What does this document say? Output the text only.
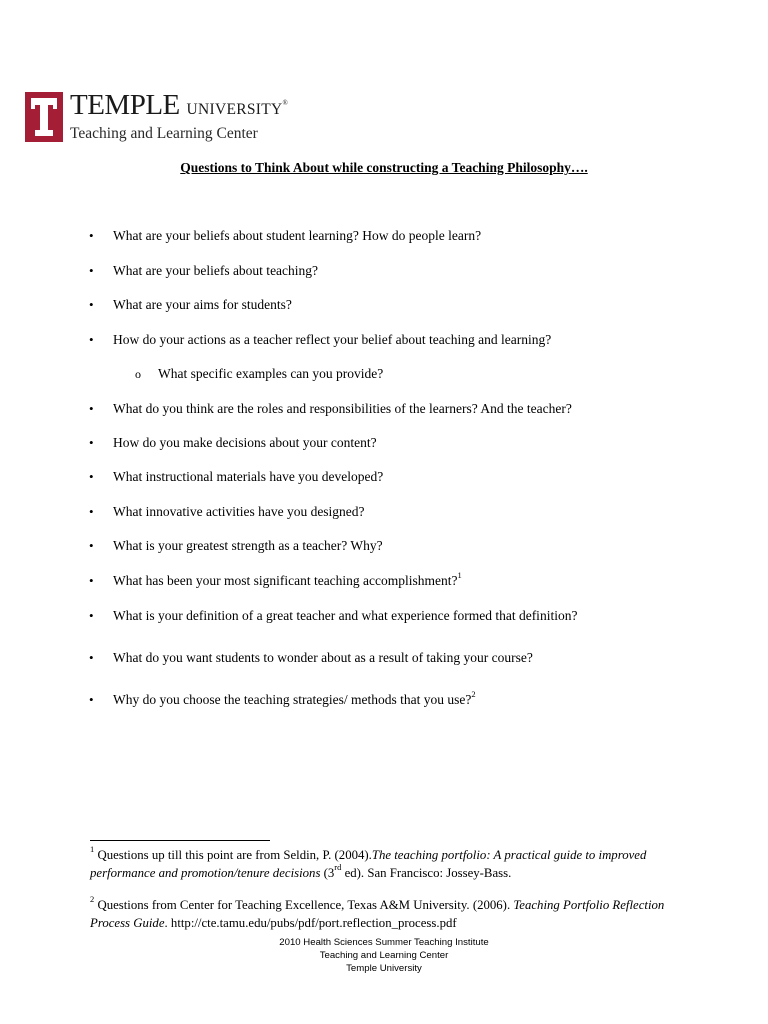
TEMPLE UNIVERSITY®
Teaching and Learning Center
Questions to Think About while constructing a Teaching Philosophy….
• What are your beliefs about student learning? How do people learn?
• What are your beliefs about teaching?
• What are your aims for students?
• How do your actions as a teacher reflect your belief about teaching and learning?
o What specific examples can you provide?
• What do you think are the roles and responsibilities of the learners? And the teacher?
• How do you make decisions about your content?
• What instructional materials have you developed?
• What innovative activities have you designed?
• What is your greatest strength as a teacher? Why?
• What has been your most significant teaching accomplishment?$^1$
• What is your definition of a great teacher and what experience formed that definition?
• What do you want students to wonder about as a result of taking your course?
• Why do you choose the teaching strategies/ methods that you use?$^2$
$^1$ Questions up till this point are from Seldin, P. (2004).The teaching portfolio: A practical guide to improved performance and promotion/tenure decisions (3rd ed). San Francisco: Jossey-Bass.
$^2$ Questions from Center for Teaching Excellence, Texas A&M University. (2006). Teaching Portfolio Reflection Process Guide. http://cte.tamu.edu/pubs/pdf/port.reflection_process.pdf
2010 Health Sciences Summer Teaching Institute
Teaching and Learning Center
Temple University
